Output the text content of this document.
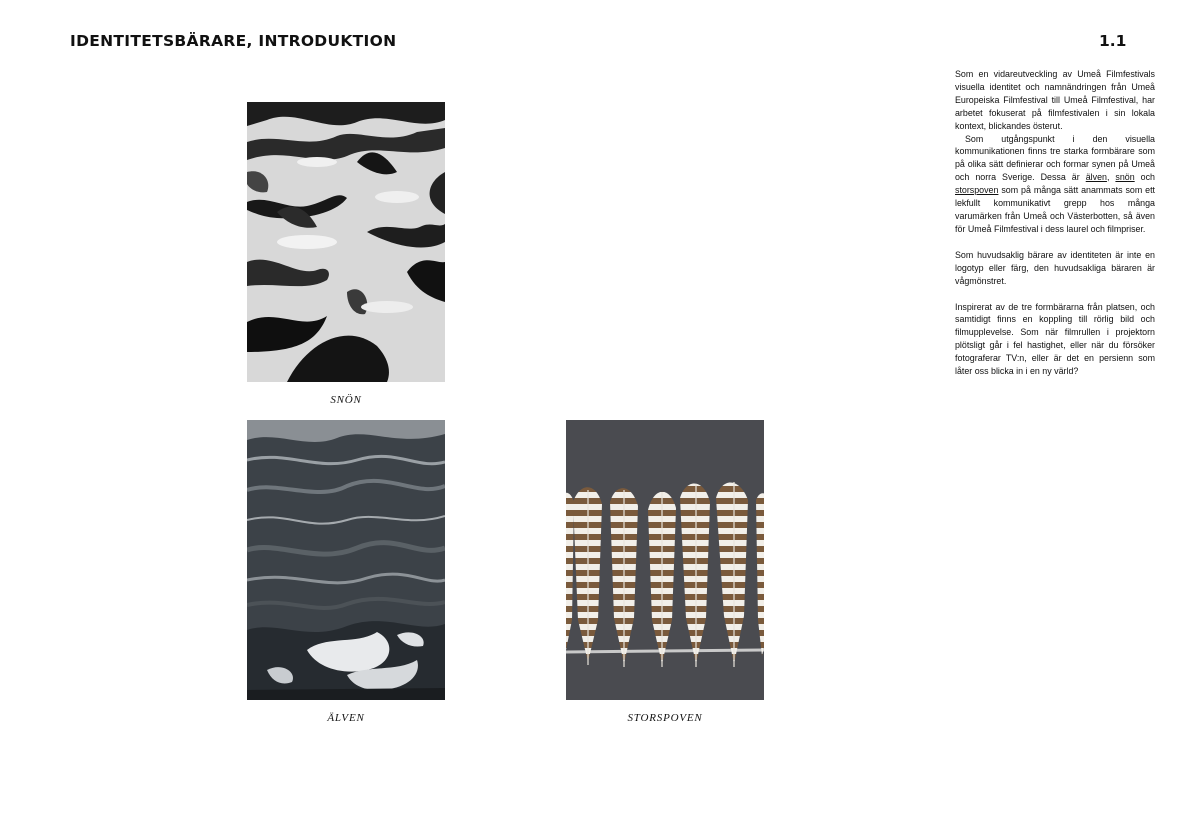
IDENTITETSBÄRARE, INTRODUKTION	1.1
SNÖN
ÄLVEN	STORSPOVEN

Som en vidareutveckling av Umeå Filmfestivals visuella identitet och namnändringen från Umeå Europeiska Filmfestival till Umeå Filmfestival, har arbetet fokuserat på filmfestivalen i sin lokala kontext, blickandes österut.
Som utgångspunkt i den visuella kommunikationen finns tre starka formbärare som på olika sätt definierar och formar synen på Umeå och norra Sverige. Dessa är älven, snön och storspoven som på många sätt anammats som ett lekfullt kommunikativt grepp hos många varumärken från Umeå och Västerbotten, så även för Umeå Filmfestival i dess laurel och filmpriser.

Som huvudsaklig bärare av identiteten är inte en logotyp eller färg, den huvudsakliga bäraren är vågmönstret.

Inspirerat av de tre formbärarna från platsen, och samtidigt finns en koppling till rörlig bild och filmupplevelse. Som när filmrullen i projektorn plötsligt går i fel hastighet, eller när du försöker fotograferar TV:n, eller är det en persienn som låter oss blicka in i en ny värld?
